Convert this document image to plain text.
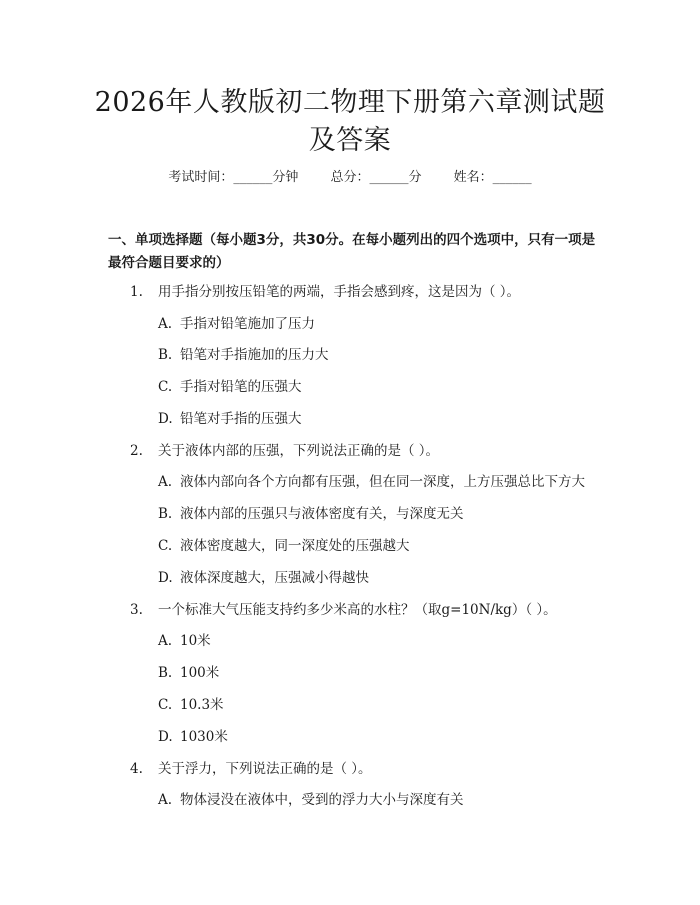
2026年人教版初二物理下册第六章测试题及答案
考试时间：______分钟 总分：______分 姓名：______
一、单项选择题（每小题3分，共30分。在每小题列出的四个选项中，只有一项是最符合题目要求的）
1. 用手指分别按压铅笔的两端，手指会感到疼，这是因为（ ）。
A. 手指对铅笔施加了压力
B. 铅笔对手指施加的压力大
C. 手指对铅笔的压强大
D. 铅笔对手指的压强大
2. 关于液体内部的压强，下列说法正确的是（ ）。
A. 液体内部向各个方向都有压强，但在同一深度，上方压强总比下方大
B. 液体内部的压强只与液体密度有关，与深度无关
C. 液体密度越大，同一深度处的压强越大
D. 液体深度越大，压强减小得越快
3. 一个标准大气压能支持约多少米高的水柱？（取g=10N/kg）（ ）。
A. 10米
B. 100米
C. 10.3米
D. 1030米
4. 关于浮力，下列说法正确的是（ ）。
A. 物体浸没在液体中，受到的浮力大小与深度有关
